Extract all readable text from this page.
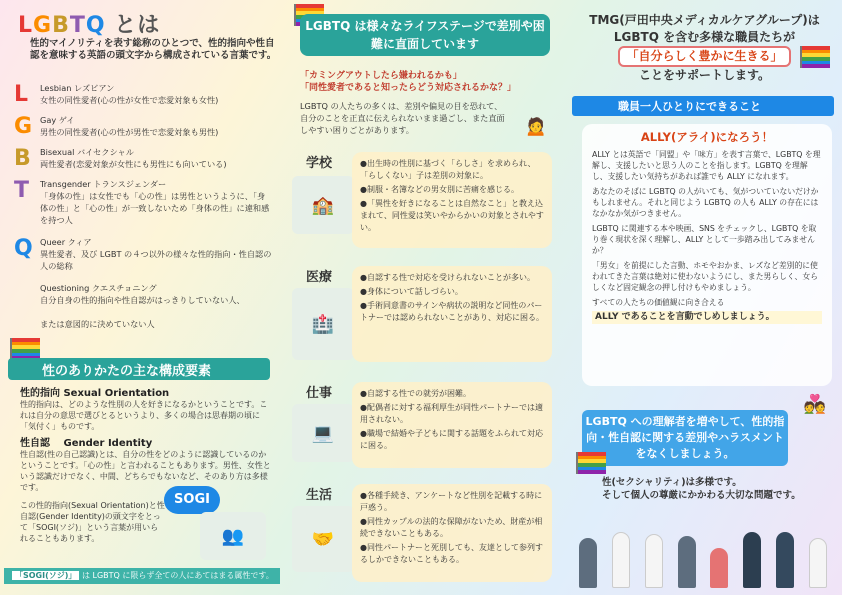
LGBTQ とは
性的マイノリティを表す総称のひとつで、性的指向や性自認を意味する英語の頭文字から構成されている言葉です。
L Lesbian レズビアン
女性の同性愛者(心の性が女性で恋愛対象も女性)
G Gay ゲイ
男性の同性愛者(心の性が男性で恋愛対象も男性)
B Bisexual バイセクシャル
両性愛者(恋愛対象が女性にも男性にも向いている)
T Transgender トランスジェンダー
「身体の性」は女性でも「心の性」は男性というように、「身体の性」と「心の性」が一致しないため「身体の性」に違和感を持つ人
Q Queer クィア
異性愛者、及び LGBT の４つ以外の様々な性的指向・性自認の人の総称
Questioning クエスチョニング
自分自身の性的指向や性自認がはっきりしていない人、

または意図的に決めていない人
性のありかたの主な構成要素
性的指向 Sexual Orientation
性的指向は、どのような性別の人を好きになるかということです。これは自分の意思で選びとるというより、多くの場合は思春期の頃に「気付く」ものです。
性自認　 Gender Identity
性自認(性の自己認識)とは、自分の性をどのように認識しているのかということです。「心の性」と言われることもあります。男性、女性という認識だけでなく、中間、どちらでもないなど、そのあり方は多様です。
SOGI
この性的指向(Sexual Orientation)と性自認(Gender Identity)の頭文字をとって「SOGI(ソジ)」という言葉が用いられることもあります。	👥
「SOGI(ソジ)」 は LGBTQ に限らず全ての人にあてはまる属性です。
LGBTQ は様々なライフステージで差別や困難に直面しています
「カミングアウトしたら嫌われるかも」
「同性愛者であると知ったらどう対応されるかな？」
LGBTQ の人たちの多くは、差別や偏見の目を恐れて、自分のことを正直に伝えられないまま過ごし、また直面しやすい困りごとがあります。	🙍
学校
🏫

●出生時の性別に基づく「らしさ」を求められ、「らしくない」子は差別の対象に。

●制服・名簿などの男女別に苦痛を感じる。

●「異性を好きになることは自然なこと」と教え込まれて、同性愛は笑いやからかいの対象とされやすい。

医療
🏥

●自認する性で対応を受けられないことが多い。

●身体について話しづらい。

●手術同意書のサインや病状の説明など同性のパートナーでは認められないことがあり、対応に困る。

仕事
💻

●自認する性での就労が困難。

●配偶者に対する福利厚生が同性パートナーでは適用されない。

●職場で結婚や子どもに関する話題をふられて対応に困る。

生活
🤝

●各種手続き、アンケートなど性別を記載する時に戸惑う。

●同性カップルの法的な保障がないため、財産が相続できないこともある。

●同性パートナーと死別しても、友達として参列するしかできないこともある。

TMG(戸田中央メディカルケアグループ)は
LGBTQ を含む多様な職員たちが
「自分らしく豊かに生きる」
ことをサポートします。
職員一人ひとりにできること
ALLY(アライ)になろう！

ALLY とは英語で「同盟」や「味方」を表す言葉で、LGBTQ を理解し、支援したいと思う人のことを指します。LGBTQ を理解し、支援したい気持ちがあれば誰でも ALLY になれます。

あなたのそばに LGBTQ の人がいても、気がついていないだけかもしれません。それと同じよう LGBTQ の人も ALLY の存在にはなかなか気がつきません。

LGBTQ に関連する本や映画、SNS をチェックし、LGBTQ を取り巻く現状を深く理解し、ALLY として一歩踏み出してみませんか？

「男女」を前提にした言動、ホモやおかま、レズなど差別的に使われてきた言葉は絶対に使わないようにし、また男らしく、女らしくなど固定観念の押し付けもやめましょう。

すべての人たちの価値観に向き合える

ALLY であることを言動でしめしましょう。
💑
LGBTQ への理解者を増やして、性的指向・性自認に関する差別やハラスメントをなくしましょう。
性(セクシャリティ)は多様です。
そして個人の尊厳にかかわる大切な問題です。
